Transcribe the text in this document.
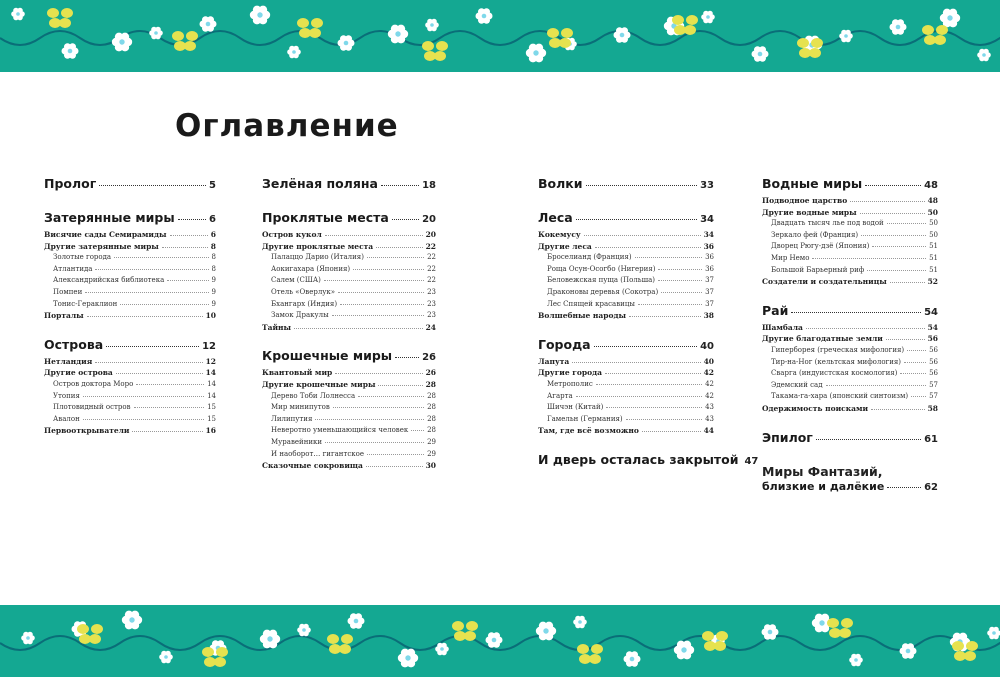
Оглавление
Пролог	5
Затерянные миры	6
Висячие сады Семирамиды	6
Другие затерянные миры	8
Золотые города	8
Атлантида	8
Александрийская библиотека	9
Помпеи	9
Тонис-Гераклион	9
Порталы	10
Острова	12
Нетландия	12
Другие острова	14
Остров доктора Моро	14
Утопия	14
Плотовидный остров	15
Авалон	15
Первооткрыватели	16
Зелёная поляна	18
Проклятые места	20
Остров кукол	20
Другие проклятые места	22
Палаццо Дарио (Италия)	22
Аокигахара (Япония)	22
Салем (США)	22
Отель «Оверлук»	23
Бхангарх (Индия)	23
Замок Дракулы	23
Тайны	24
Крошечные миры	26
Квантовый мир	26
Другие крошечные миры	28
Дерево Тоби Лолнесса	28
Мир минипутов	28
Лилипутия	28
Неверотно уменьшающийся человек	28
Муравейники	29
И наоборот… гигантское	29
Сказочные сокровища	30
Волки	33
Леса	34
Кокемусу	34
Другие леса	36
Броселианд (Франция)	36
Роща Осун-Осогбо (Нигерия)	36
Беловежская пуща (Польша)	37
Драконовы деревья (Сокотра)	37
Лес Спящей красавицы	37
Волшебные народы	38
Города	40
Лапута	40
Другие города	42
Метрополис	42
Агарта	42
Шичэн (Китай)	43
Гамельн (Германия)	43
Там, где всё возможно	44
И дверь осталась закрытой 47
Водные миры	48
Подводное царство	48
Другие водные миры	50
Двадцать тысяч лье под водой	50
Зеркало фей (Франция)	50
Дворец Рюгу-дзё (Япония)	51
Мир Немо	51
Большой Барьерный риф	51
Создатели и создательницы	52
Рай	54
Шамбала	54
Другие благодатные земли	56
Гиперборея (греческая мифология)	56
Тир-на-Ног (кельтская мифология)	56
Сварга (индуистская космология)	56
Эдемский сад	57
Такама-га-хара (японский синтоизм)	57
Одержимость поисками	58
Эпилог	61
Миры Фантазий,
близкие и далёкие	62
